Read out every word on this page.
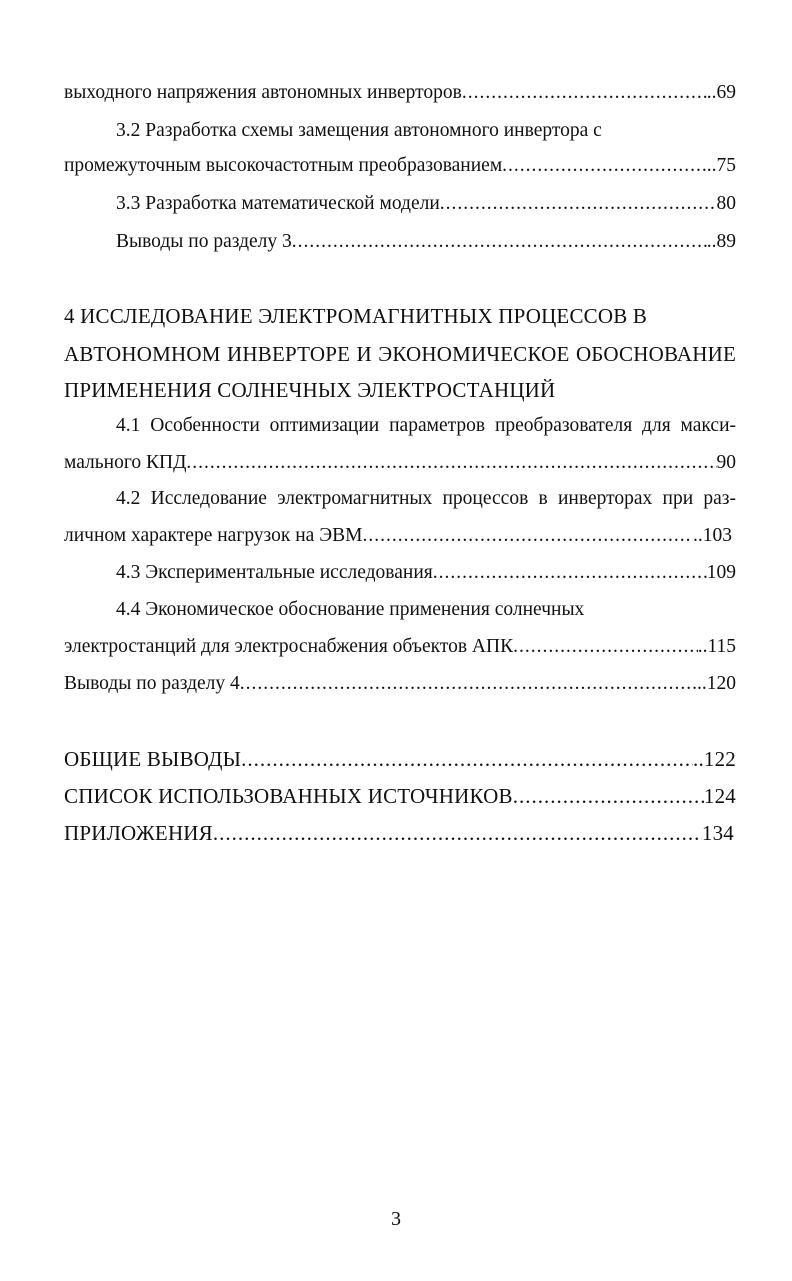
выходного напряжения автономных инверторов .....	..69
3.2 Разработка схемы замещения автономного инвертора с
промежуточным высокочастотным преобразованием .....	..75
3.3 Разработка математической модели .....	80
Выводы по разделу 3 .....	..89
4 ИССЛЕДОВАНИЕ ЭЛЕКТРОМАГНИТНЫХ ПРОЦЕССОВ В
АВТОНОМНОМ ИНВЕРТОРЕ И ЭКОНОМИЧЕСКОЕ ОБОСНОВАНИЕ
ПРИМЕНЕНИЯ СОЛНЕЧНЫХ ЭЛЕКТРОСТАНЦИЙ
4.1 Особенности оптимизации параметров преобразователя для макси-
мального КПД .....	90
4.2 Исследование электромагнитных процессов в инверторах при раз-
личном характере нагрузок на ЭВМ .....	..103
4.3 Экспериментальные исследования .....	109
4.4 Экономическое обоснование применения солнечных
электростанций для электроснабжения объектов АПК .....	..115
Выводы по разделу 4 .....	..120
ОБЩИЕ ВЫВОДЫ .....	..122
СПИСОК ИСПОЛЬЗОВАННЫХ ИСТОЧНИКОВ .....	124
ПРИЛОЖЕНИЯ .....	134
3
